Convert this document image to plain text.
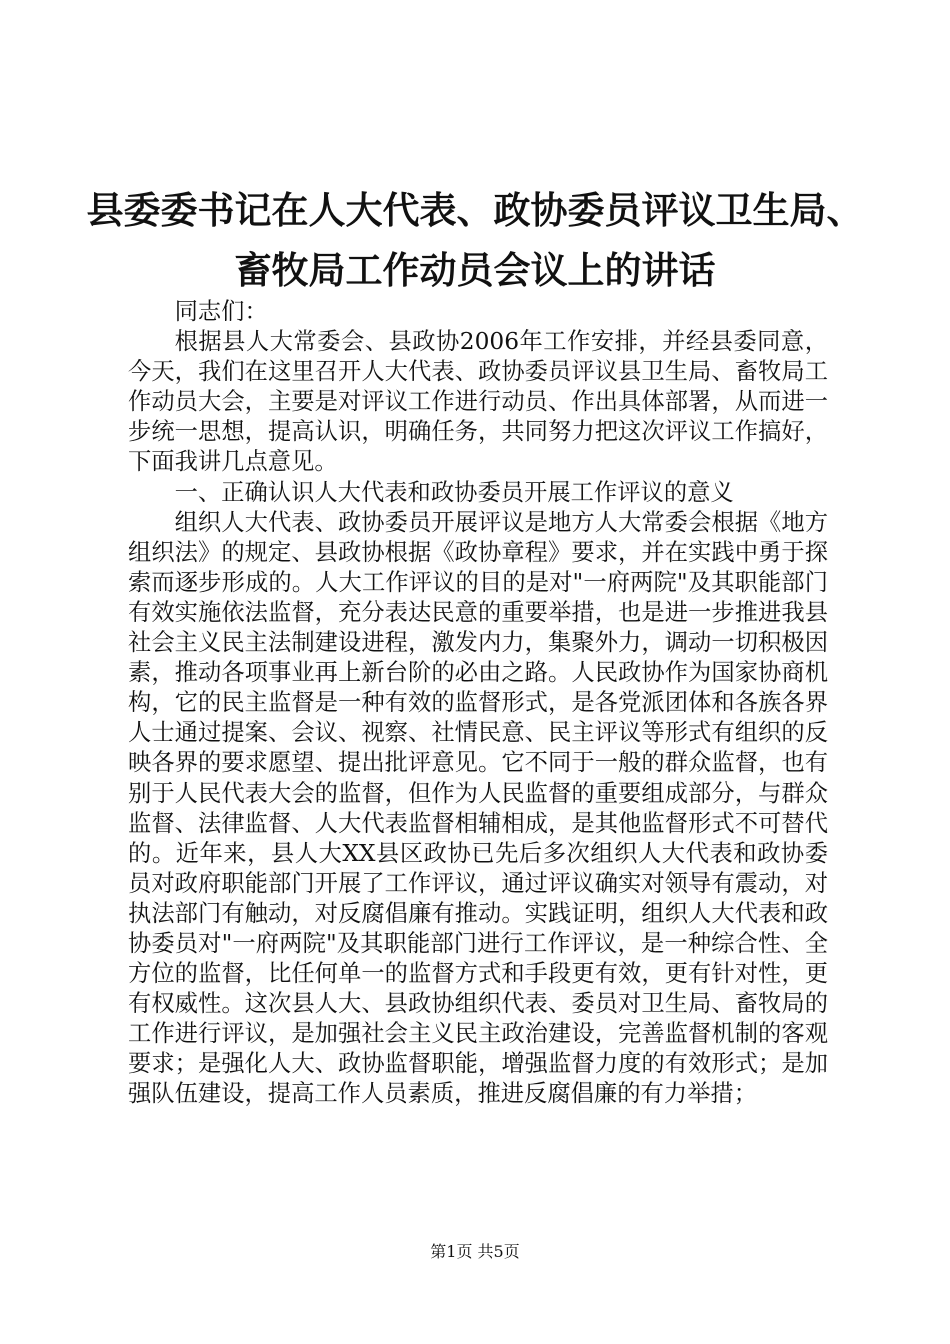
县委委书记在人大代表、政协委员评议卫生局、
畜牧局工作动员会议上的讲话

同志们：

根据县人大常委会、县政协2006年工作安排，并经县委同意，今天，我们在这里召开人大代表、政协委员评议县卫生局、畜牧局工作动员大会，主要是对评议工作进行动员、作出具体部署，从而进一步统一思想，提高认识，明确任务，共同努力把这次评议工作搞好，下面我讲几点意见。

一、正确认识人大代表和政协委员开展工作评议的意义

组织人大代表、政协委员开展评议是地方人大常委会根据《地方组织法》的规定、县政协根据《政协章程》要求，并在实践中勇于探索而逐步形成的。人大工作评议的目的是对"一府两院"及其职能部门有效实施依法监督，充分表达民意的重要举措，也是进一步推进我县社会主义民主法制建设进程，激发内力，集聚外力，调动一切积极因素，推动各项事业再上新台阶的必由之路。人民政协作为国家协商机构，它的民主监督是一种有效的监督形式，是各党派团体和各族各界人士通过提案、会议、视察、社情民意、民主评议等形式有组织的反映各界的要求愿望、提出批评意见。它不同于一般的群众监督，也有别于人民代表大会的监督，但作为人民监督的重要组成部分，与群众监督、法律监督、人大代表监督相辅相成，是其他监督形式不可替代的。近年来，县人大XX县区政协已先后多次组织人大代表和政协委员对政府职能部门开展了工作评议，通过评议确实对领导有震动，对执法部门有触动，对反腐倡廉有推动。实践证明，组织人大代表和政协委员对"一府两院"及其职能部门进行工作评议，是一种综合性、全方位的监督，比任何单一的监督方式和手段更有效，更有针对性，更有权威性。这次县人大、县政协组织代表、委员对卫生局、畜牧局的工作进行评议，是加强社会主义民主政治建设，完善监督机制的客观要求；是强化人大、政协监督职能，增强监督力度的有效形式；是加强队伍建设，提高工作人员素质，推进反腐倡廉的有力举措；

第1页 共5页
